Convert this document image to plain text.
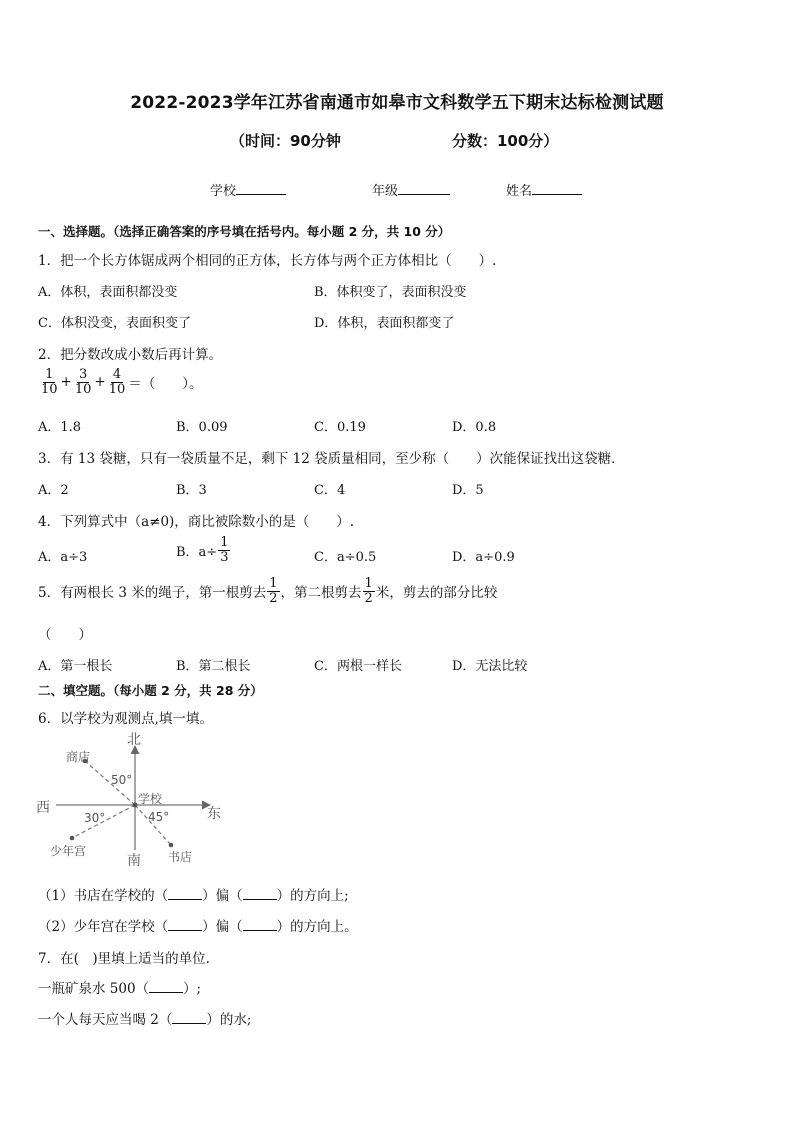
2022-2023学年江苏省南通市如皋市文科数学五下期末达标检测试题
（时间：90分钟	分数：100分）
学校	年级	姓名
一、选择题。（选择正确答案的序号填在括号内。每小题 2 分，共 10 分）
1．把一个长方体锯成两个相同的正方体，长方体与两个正方体相比（　　）.
A．体积，表面积都没变	B．体积变了，表面积没变
C．体积没变，表面积变了	D．体积，表面积都变了
2．把分数改成小数后再计算。
$\frac{1}{10} + \frac{3}{10} + \frac{4}{10}$ ＝（　　）。
A．1.8	B．0.09	C．0.19	D．0.8
3．有 13 袋糖，只有一袋质量不足，剩下 12 袋质量相同，至少称（　　）次能保证找出这袋糖．
A．2	B．3	C．4	D．5
4．下列算式中（a≠0)，商比被除数小的是（　　）.
A．a÷3	B．$a\div \frac{1}{3}$	C．a÷0.5	D．a÷0.9
5．有两根长 3 米的绳子，第一根剪去 $\frac{1}{2}$ ，第二根剪去 $\frac{1}{2}$ 米，剪去的部分比较
（　　）
A．第一根长	B．第二根长	C．两根一样长	D．无法比较
二、填空题。（每小题 2 分，共 28 分）
6．以学校为观测点,填一填。
北
南
西	东
商店
学校
少年宫	书店
50°
30°	45°
（1）书店在学校的（	）偏（	）的方向上;
（2）少年宫在学校（	）偏（	）的方向上。
7．在(　)里填上适当的单位.
一瓶矿泉水 500（	）;
一个人每天应当喝 2（	）的水;
